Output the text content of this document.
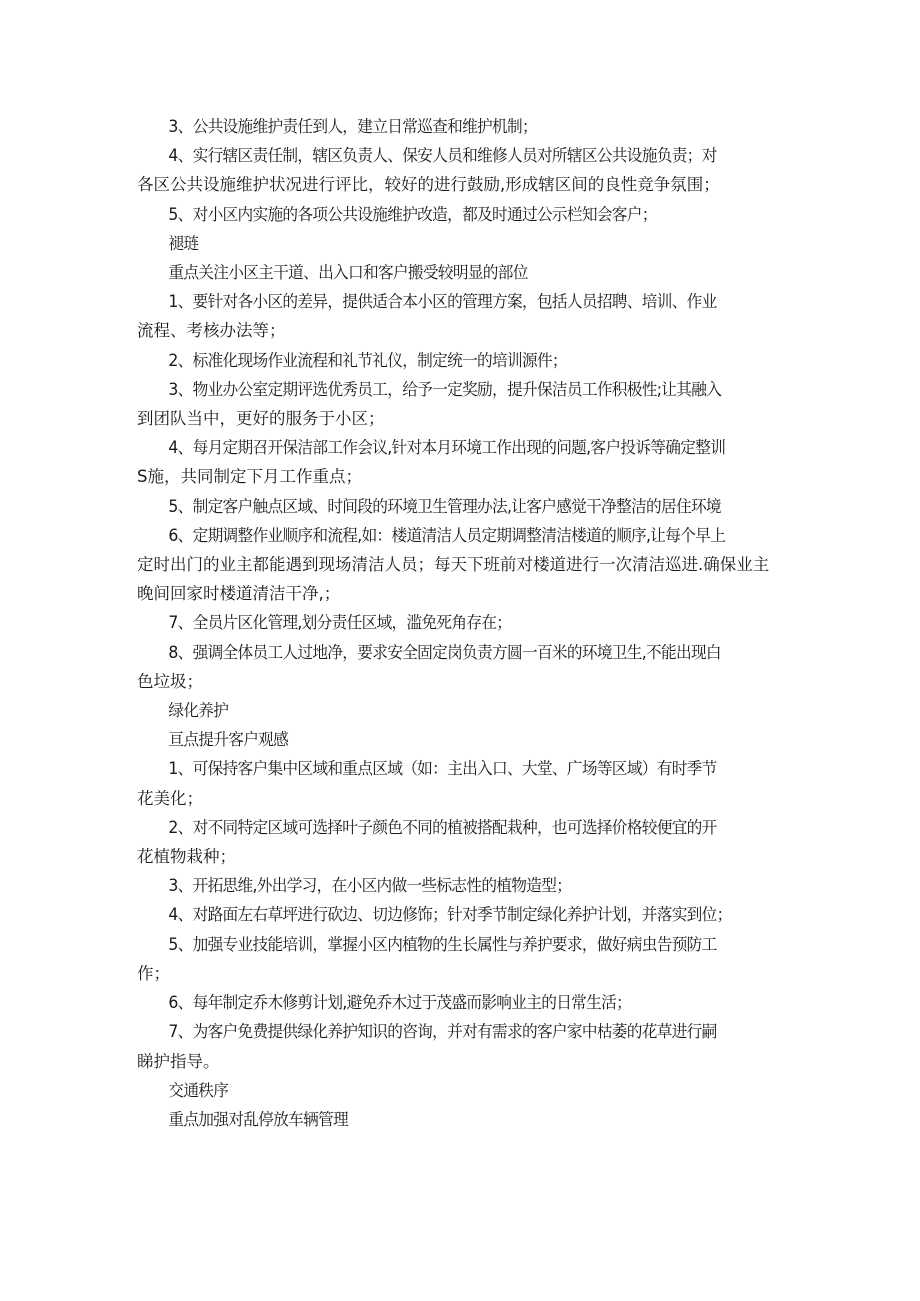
3、公共设施维护责任到人，建立日常巡查和维护机制；
4、实行辖区责任制，辖区负责人、保安人员和维修人员对所辖区公共设施负责；对
各区公共设施维护状况进行评比，较好的进行鼓励,形成辖区间的良性竞争氛围；
5、对小区内实施的各项公共设施维护改造，都及时通过公示栏知会客户；
褪琏
重点关注小区主干道、出入口和客户搬受较明显的部位
1、要针对各小区的差异，提供适合本小区的管理方案，包括人员招聘、培训、作业
流程、考核办法等；
2、标准化现场作业流程和礼节礼仪，制定统一的培训源件；
3、物业办公室定期评选优秀员工，给予一定奖励，提升保洁员工作积极性;让其融入
到团队当中，更好的服务于小区；
4、每月定期召开保洁部工作会议,针对本月环境工作出现的问题,客户投诉等确定整训
S施，共同制定下月工作重点；
5、制定客户触点区域、时间段的环境卫生管理办法,让客户感觉干净整洁的居住环境
6、定期调整作业顺序和流程,如：楼道清洁人员定期调整清洁楼道的顺序,让每个早上
定时出门的业主都能遇到现场清洁人员；每天下班前对楼道进行一次清洁巡进.确保业主
晚间回家时楼道清洁干净,；
7、全员片区化管理,划分责任区域，滥免死角存在；
8、强调全体员工人过地净，要求安全固定岗负责方圆一百米的环境卫生,不能出现白
色垃圾；
绿化养护
亘点提升客户观感
1、可保持客户集中区域和重点区域（如：主出入口、大堂、广场等区域）有时季节
花美化；
2、对不同特定区域可选择叶子颜色不同的植被搭配栽种，也可选择价格较便宜的开
花植物栽种；
3、开拓思维,外出学习，在小区内做一些标志性的植物造型；
4、对路面左右草坪进行砍边、切边修饰；针对季节制定绿化养护计划，并落实到位；
5、加强专业技能培训，掌握小区内植物的生长属性与养护要求，做好病虫告预防工
作；
6、每年制定乔木修剪计划,避免乔木过于茂盛而影响业主的日常生活；
7、为客户免费提供绿化养护知识的咨询，并对有需求的客户家中枯萎的花草进行嗣
睇护指导。
交通秩序
重点加强对乱停放车辆管理
